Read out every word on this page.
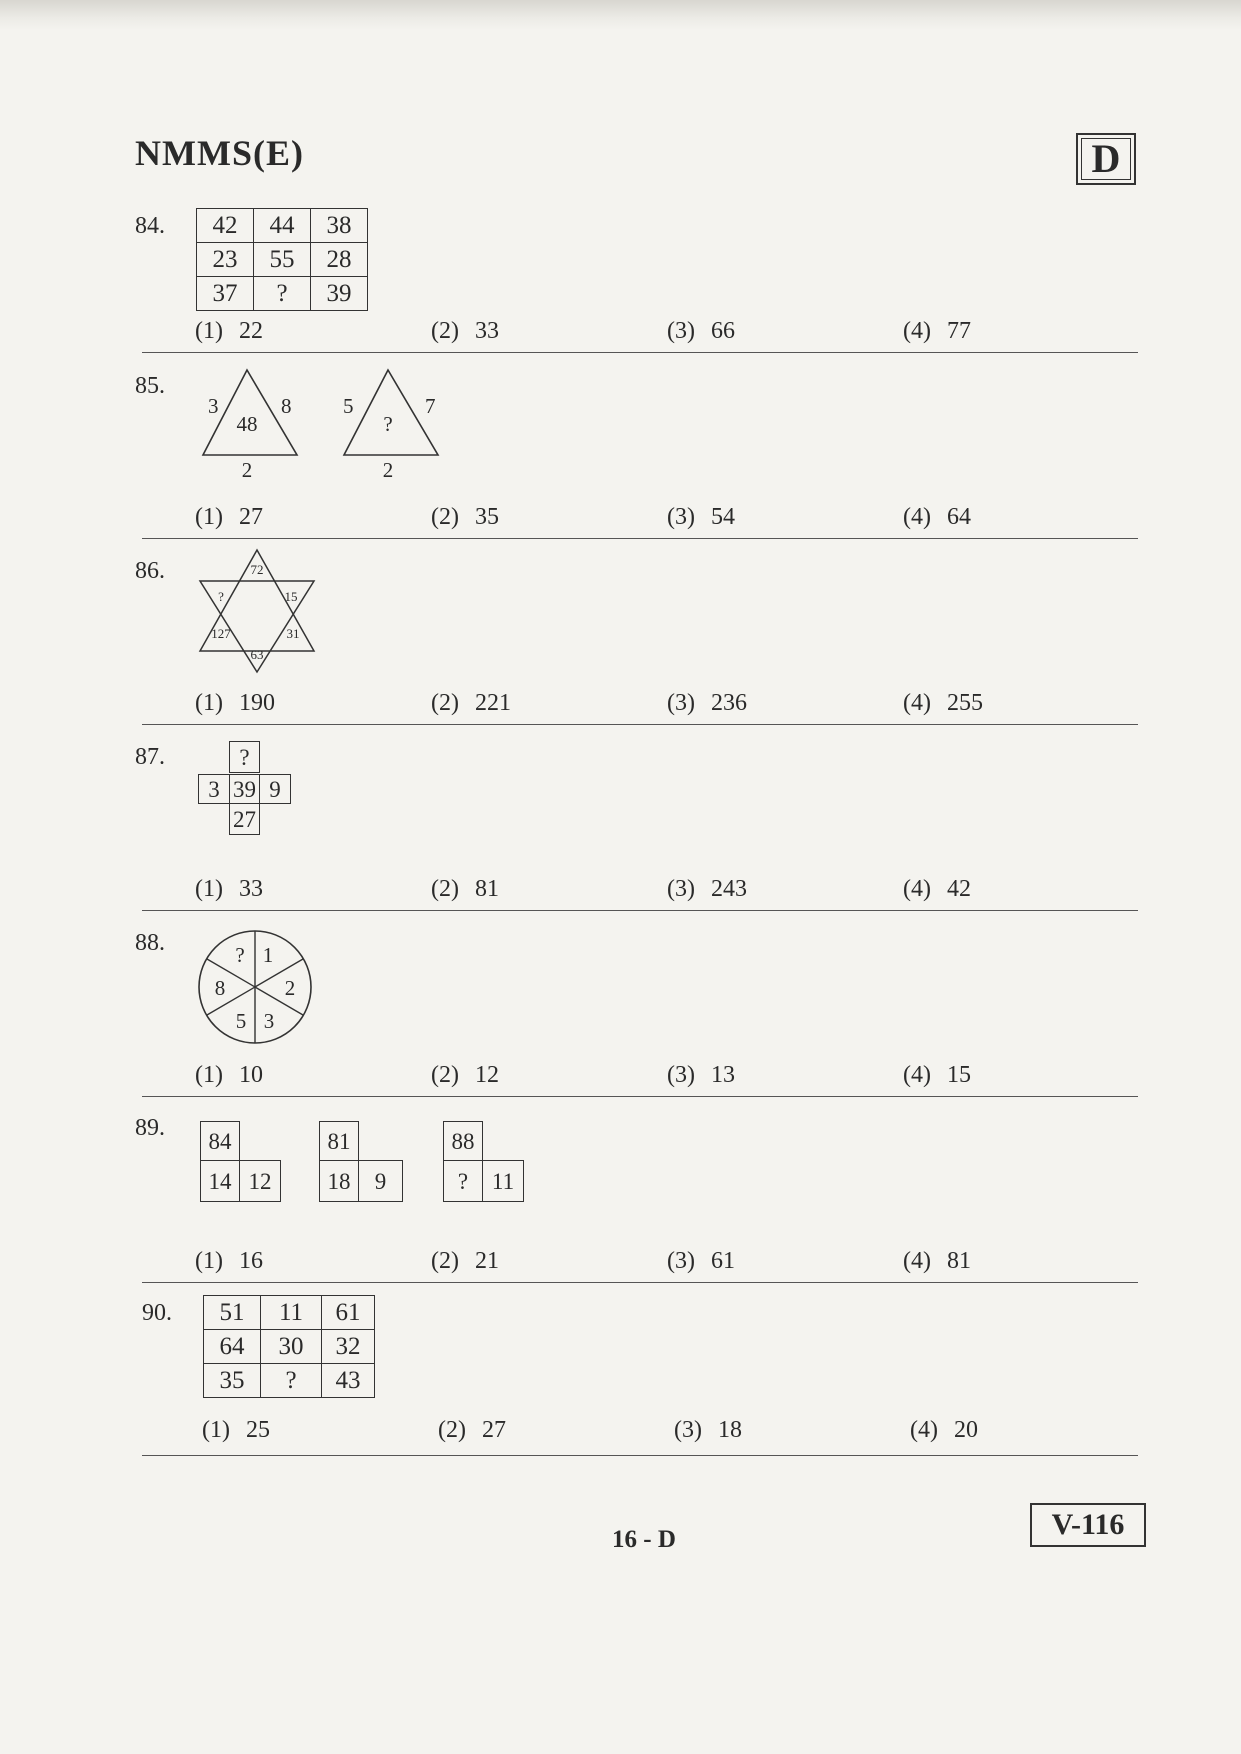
NMMS(E)	D
84. 42	44	38
23	55	28
37	?	39
(1) 22	(2) 33	(3) 66	(4) 77
85.
3	8
48
2
5	7
?
2
(1) 27	(2) 35	(3) 54	(4) 64
86.	72
15
31
63
127
?
(1) 190	(2) 221	(3) 236	(4) 255
87.	?
3 39 9
27
(1) 33	(2) 81	(3) 243	(4) 42
88.	? 1
2
3
5
8
(1) 10	(2) 12	(3) 13	(4) 15
89.
84
14 12
81
18	9
88
?	11
(1) 16	(2) 21	(3) 61	(4) 81
90. 51	11	61
64	30	32
35	?	43
(1) 25	(2) 27	(3) 18	(4) 20
16 - D	V-116
